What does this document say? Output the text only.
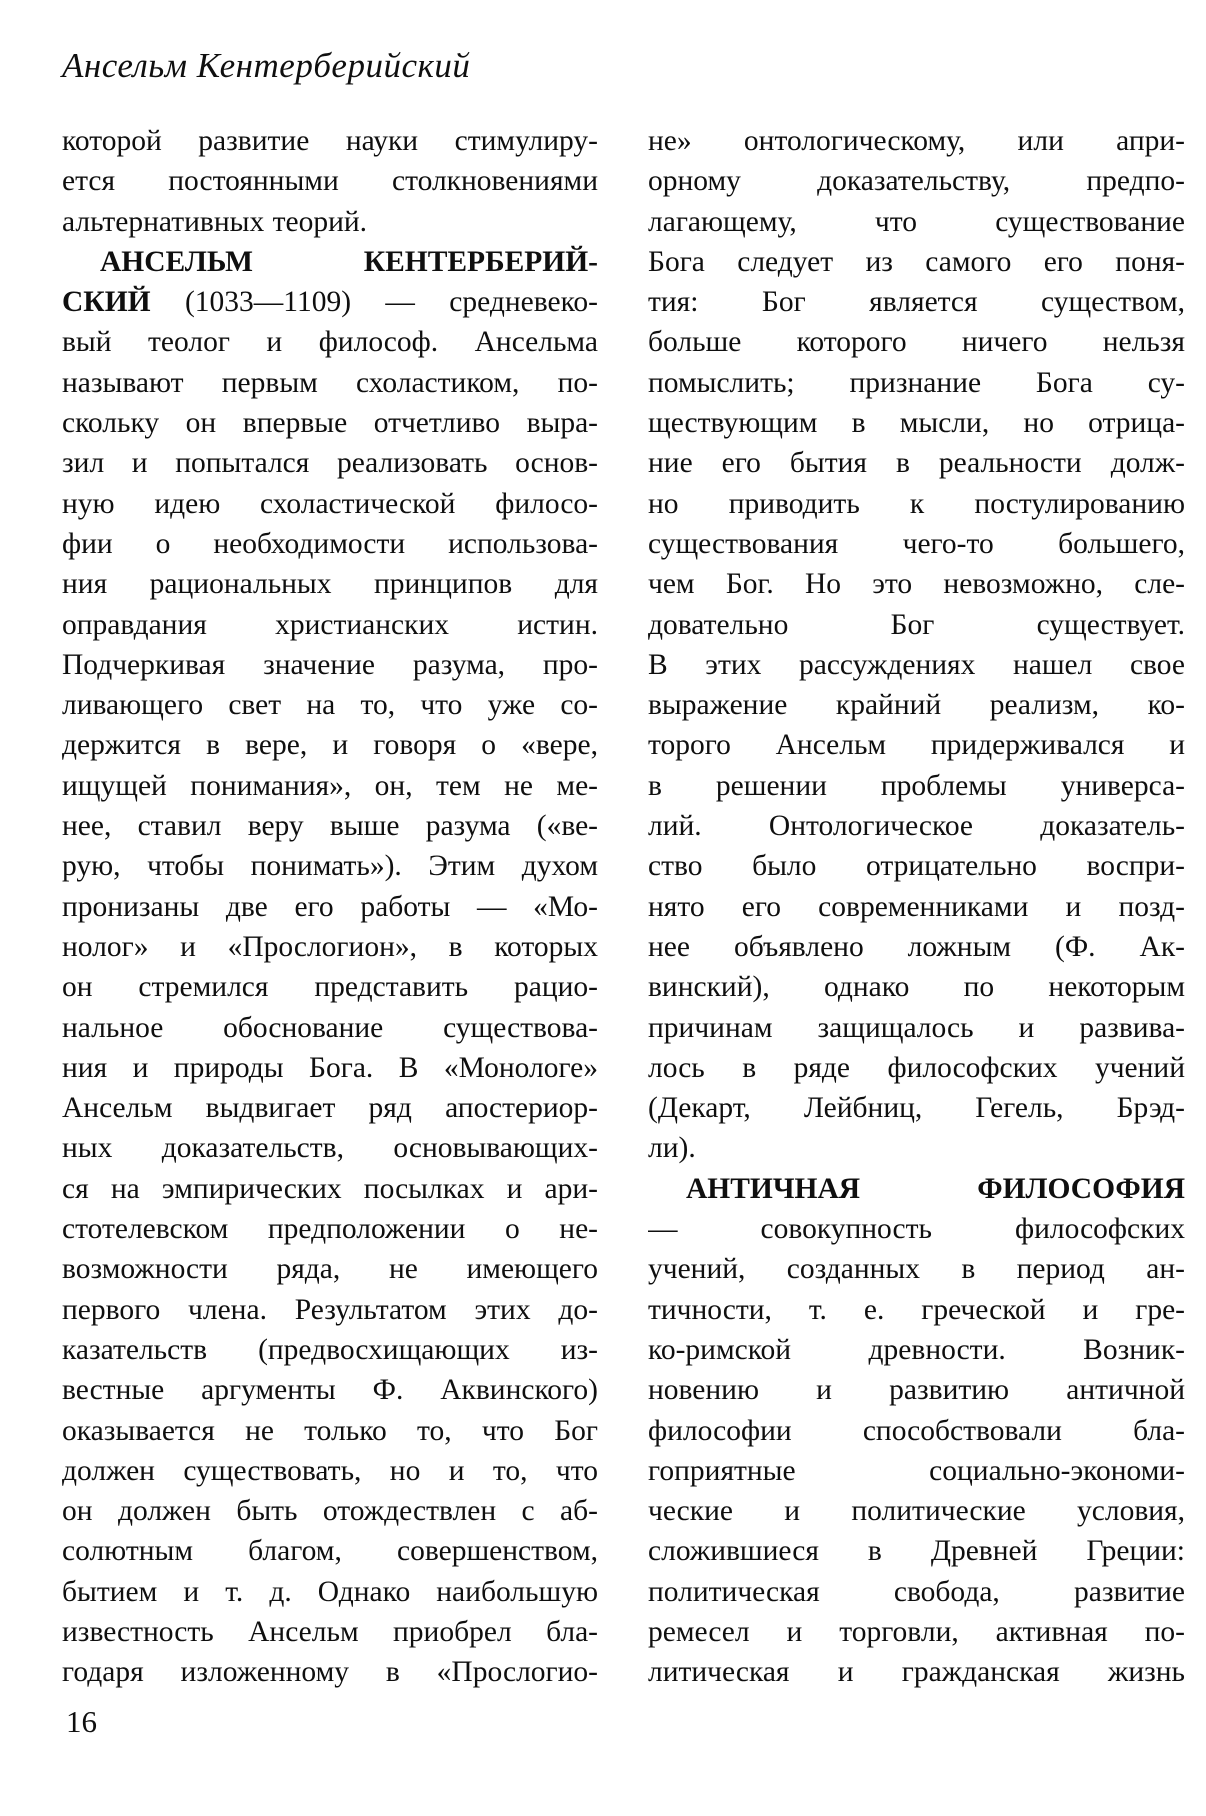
Ансельм Кентерберийский
которой развитие науки стимулиру-
ется постоянными столкновениями
альтернативных теорий.
АНСЕЛЬМ КЕНТЕРБЕРИЙ-
СКИЙ (1033—1109) — средневеко-
вый теолог и философ. Ансельма
называют первым схоластиком, по-
скольку он впервые отчетливо выра-
зил и попытался реализовать основ-
ную идею схоластической филосо-
фии о необходимости использова-
ния рациональных принципов для
оправдания христианских истин.
Подчеркивая значение разума, про-
ливающего свет на то, что уже со-
держится в вере, и говоря о «вере,
ищущей понимания», он, тем не ме-
нее, ставил веру выше разума («ве-
рую, чтобы понимать»). Этим духом
пронизаны две его работы — «Мо-
нолог» и «Прослогион», в которых
он стремился представить рацио-
нальное обоснование существова-
ния и природы Бога. В «Монологе»
Ансельм выдвигает ряд апостериор-
ных доказательств, основывающих-
ся на эмпирических посылках и ари-
стотелевском предположении о не-
возможности ряда, не имеющего
первого члена. Результатом этих до-
казательств (предвосхищающих из-
вестные аргументы Ф. Аквинского)
оказывается не только то, что Бог
должен существовать, но и то, что
он должен быть отождествлен с аб-
солютным благом, совершенством,
бытием и т. д. Однако наибольшую
известность Ансельм приобрел бла-
годаря изложенному в «Прослогио-
не» онтологическому, или апри-
орному доказательству, предпо-
лагающему, что существование
Бога следует из самого его поня-
тия: Бог является существом,
больше которого ничего нельзя
помыслить; признание Бога су-
ществующим в мысли, но отрица-
ние его бытия в реальности долж-
но приводить к постулированию
существования чего-то большего,
чем Бог. Но это невозможно, сле-
довательно Бог существует.
В этих рассуждениях нашел свое
выражение крайний реализм, ко-
торого Ансельм придерживался и
в решении проблемы универса-
лий. Онтологическое доказатель-
ство было отрицательно воспри-
нято его современниками и позд-
нее объявлено ложным (Ф. Ак-
винский), однако по некоторым
причинам защищалось и развива-
лось в ряде философских учений
(Декарт, Лейбниц, Гегель, Брэд-
ли).
АНТИЧНАЯ ФИЛОСОФИЯ
— совокупность философских
учений, созданных в период ан-
тичности, т. е. греческой и гре-
ко-римской древности. Возник-
новению и развитию античной
философии способствовали бла-
гоприятные социально-экономи-
ческие и политические условия,
сложившиеся в Древней Греции:
политическая свобода, развитие
ремесел и торговли, активная по-
литическая и гражданская жизнь
16
